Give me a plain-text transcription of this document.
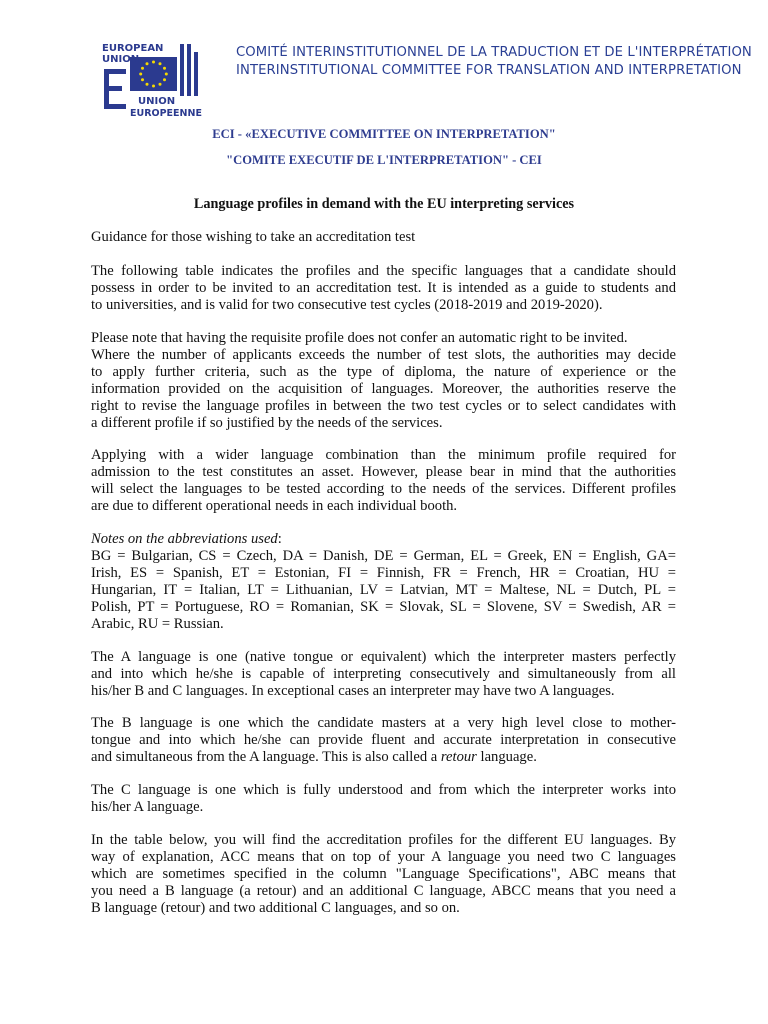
EUROPEAN
UNION
UNION
EUROPEENNE
COMITÉ INTERINSTITUTIONNEL DE LA TRADUCTION ET DE L'INTERPRÉTATION
INTERINSTITUTIONAL COMMITTEE FOR TRANSLATION AND INTERPRETATION
ECI - «EXECUTIVE COMMITTEE ON INTERPRETATION"
"COMITE EXECUTIF DE L'INTERPRETATION" - CEI
Language profiles in demand with the EU interpreting services
Guidance for those wishing to take an accreditation test
The following table indicates the profiles and the specific languages that a candidate should
possess in order to be invited to an accreditation test. It is intended as a guide to students and
to universities, and is valid for two consecutive test cycles (2018-2019 and 2019-2020).
Please note that having the requisite profile does not confer an automatic right to be invited.
Where the number of applicants exceeds the number of test slots, the authorities may decide
to apply further criteria, such as the type of diploma, the nature of experience or the
information provided on the acquisition of languages. Moreover, the authorities reserve the
right to revise the language profiles in between the two test cycles or to select candidates with
a different profile if so justified by the needs of the services.
Applying with a wider language combination than the minimum profile required for
admission to the test constitutes an asset. However, please bear in mind that the authorities
will select the languages to be tested according to the needs of the services. Different profiles
are due to different operational needs in each individual booth.
Notes on the abbreviations used:
BG = Bulgarian, CS = Czech, DA = Danish, DE = German, EL = Greek, EN = English, GA=
Irish, ES = Spanish, ET = Estonian, FI = Finnish, FR = French, HR = Croatian, HU =
Hungarian, IT = Italian, LT = Lithuanian, LV = Latvian, MT = Maltese, NL = Dutch, PL =
Polish, PT = Portuguese, RO = Romanian, SK = Slovak, SL = Slovene, SV = Swedish, AR =
Arabic, RU = Russian.
The A language is one (native tongue or equivalent) which the interpreter masters perfectly
and into which he/she is capable of interpreting consecutively and simultaneously from all
his/her B and C languages. In exceptional cases an interpreter may have two A languages.
The B language is one which the candidate masters at a very high level close to mother-
tongue and into which he/she can provide fluent and accurate interpretation in consecutive
and simultaneous from the A language. This is also called a retour language.
The C language is one which is fully understood and from which the interpreter works into
his/her A language.
In the table below, you will find the accreditation profiles for the different EU languages. By
way of explanation, ACC means that on top of your A language you need two C languages
which are sometimes specified in the column "Language Specifications", ABC means that
you need a B language (a retour) and an additional C language, ABCC means that you need a
B language (retour) and two additional C languages, and so on.
